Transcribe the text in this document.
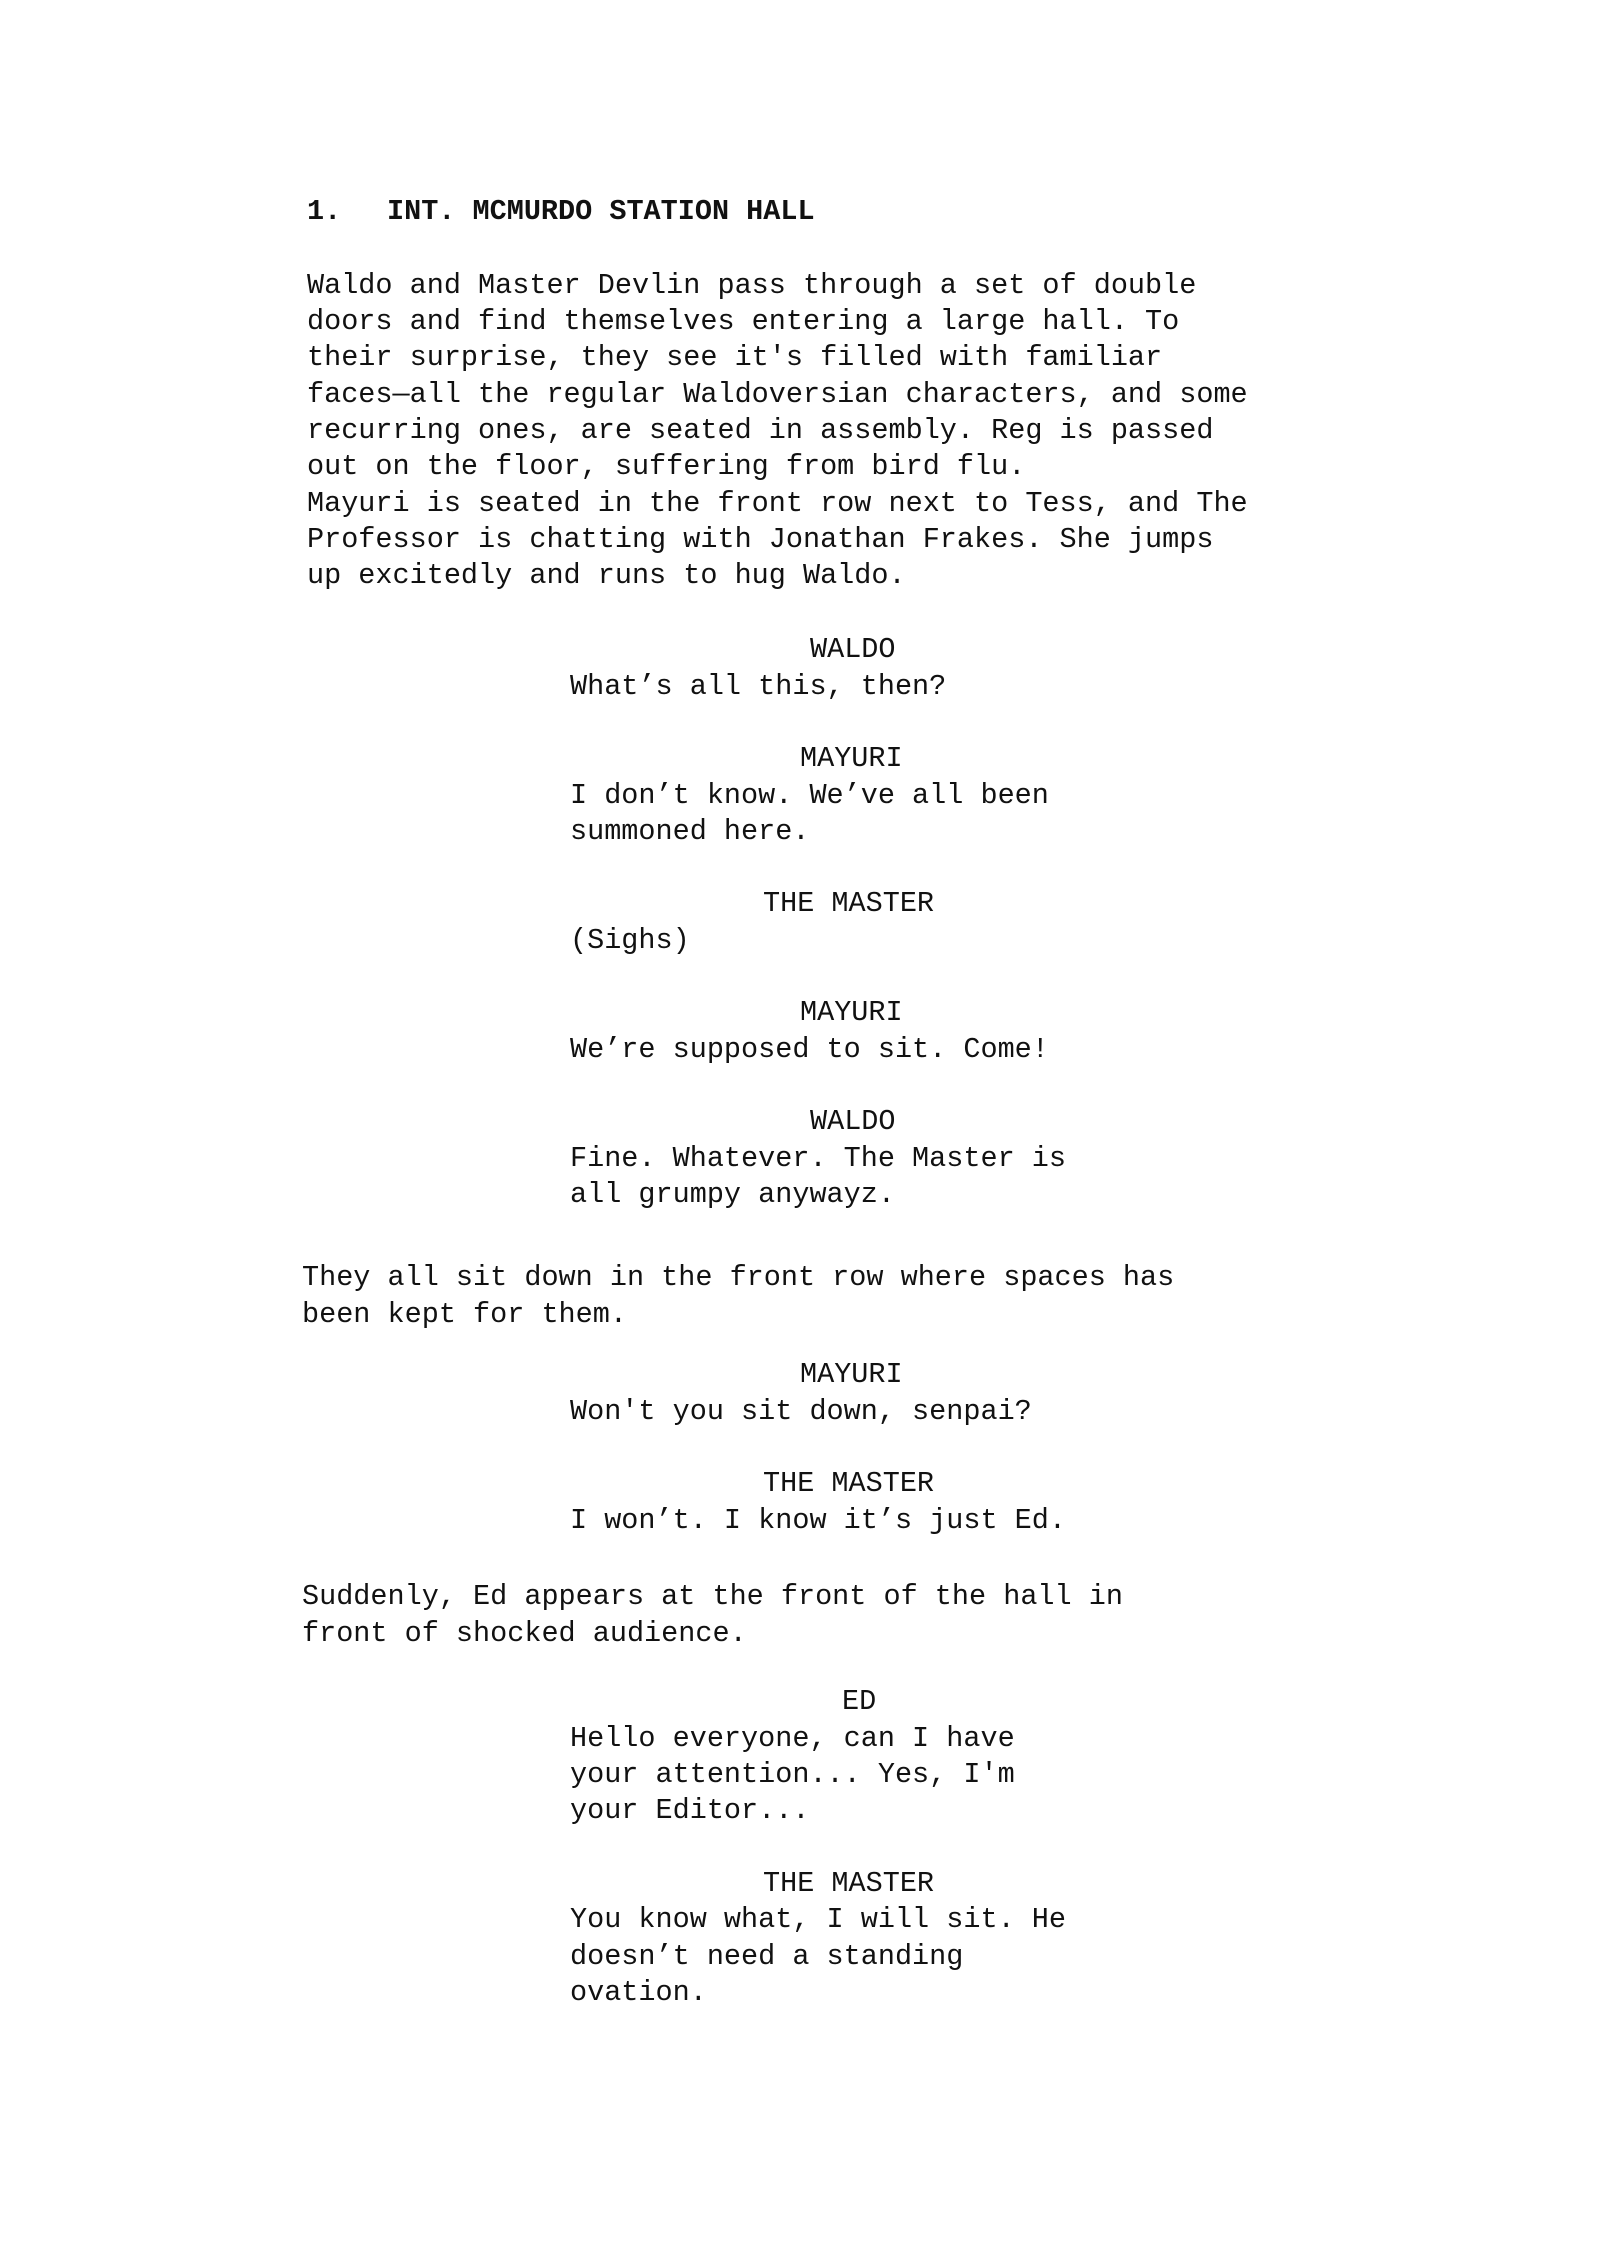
1. INT. MCMURDO STATION HALL
Waldo and Master Devlin pass through a set of double
doors and find themselves entering a large hall. To
their surprise, they see it's filled with familiar
faces—all the regular Waldoversian characters, and some
recurring ones, are seated in assembly. Reg is passed
out on the floor, suffering from bird flu.
Mayuri is seated in the front row next to Tess, and The
Professor is chatting with Jonathan Frakes. She jumps
up excitedly and runs to hug Waldo.
WALDO
What’s all this, then?
MAYURI
I don’t know. We’ve all been
summoned here.
THE MASTER
(Sighs)
MAYURI
We’re supposed to sit. Come!
WALDO
Fine. Whatever. The Master is
all grumpy anywayz.
They all sit down in the front row where spaces has
been kept for them.
MAYURI
Won't you sit down, senpai?
THE MASTER
I won’t. I know it’s just Ed.
Suddenly, Ed appears at the front of the hall in
front of shocked audience.
ED
Hello everyone, can I have
your attention... Yes, I'm
your Editor...
THE MASTER
You know what, I will sit. He
doesn’t need a standing
ovation.
